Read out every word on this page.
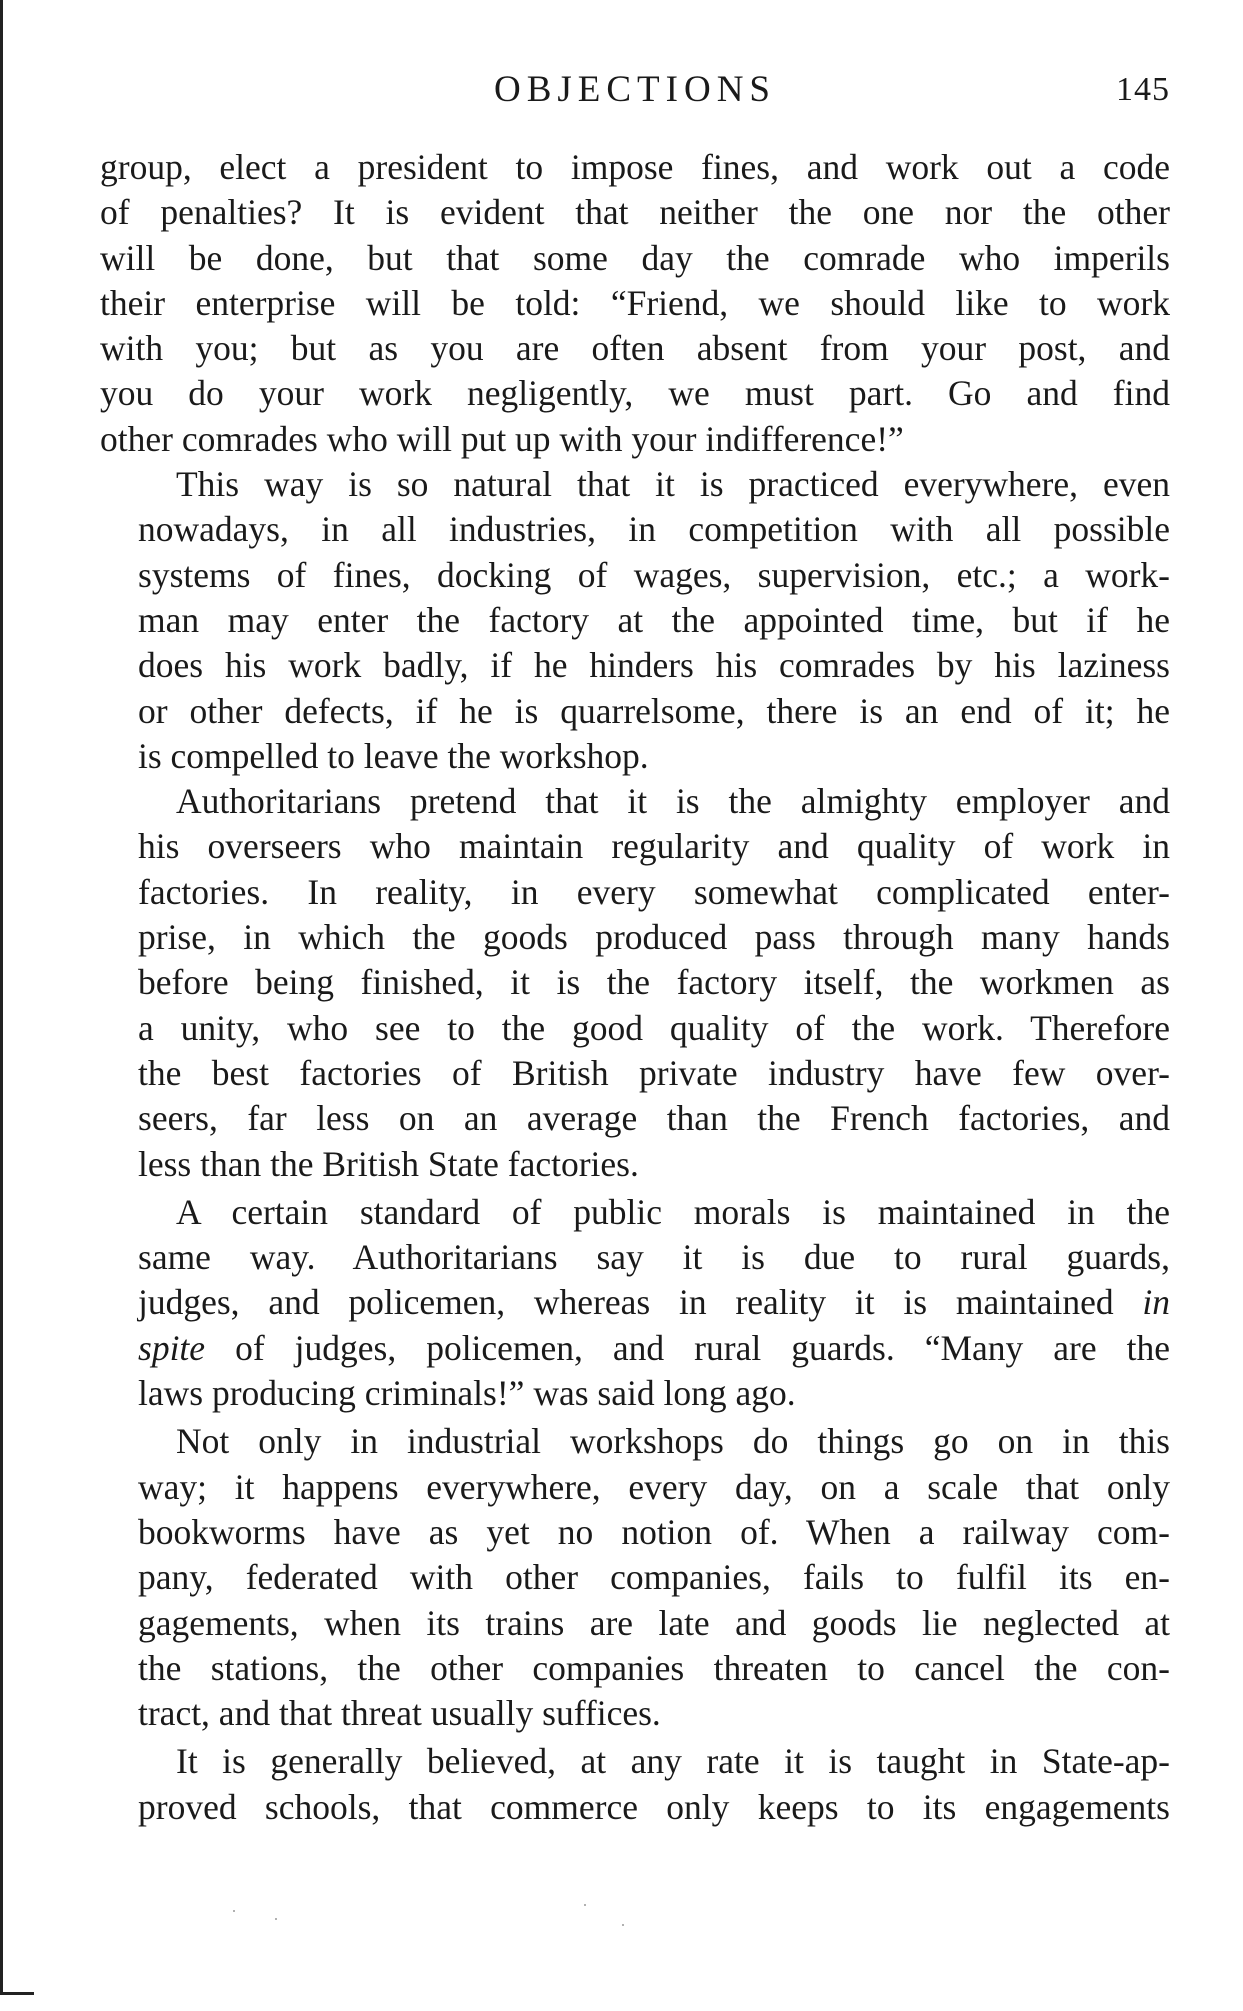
OBJECTIONS	145

group, elect a president to impose fines, and work out a code
of penalties? It is evident that neither the one nor the other
will be done, but that some day the comrade who imperils
their enterprise will be told: “Friend, we should like to work
with you; but as you are often absent from your post, and
you do your work negligently, we must part. Go and find
other comrades who will put up with your indifference!”

This way is so natural that it is practiced everywhere, even
nowadays, in all industries, in competition with all possible
systems of fines, docking of wages, supervision, etc.; a work-
man may enter the factory at the appointed time, but if he
does his work badly, if he hinders his comrades by his laziness
or other defects, if he is quarrelsome, there is an end of it; he
is compelled to leave the workshop.

Authoritarians pretend that it is the almighty employer and
his overseers who maintain regularity and quality of work in
factories. In reality, in every somewhat complicated enter-
prise, in which the goods produced pass through many hands
before being finished, it is the factory itself, the workmen as
a unity, who see to the good quality of the work. Therefore
the best factories of British private industry have few over-
seers, far less on an average than the French factories, and
less than the British State factories.

A certain standard of public morals is maintained in the
same way. Authoritarians say it is due to rural guards,
judges, and policemen, whereas in reality it is maintained in
spite of judges, policemen, and rural guards. “Many are the
laws producing criminals!” was said long ago.

Not only in industrial workshops do things go on in this
way; it happens everywhere, every day, on a scale that only
bookworms have as yet no notion of. When a railway com-
pany, federated with other companies, fails to fulfil its en-
gagements, when its trains are late and goods lie neglected at
the stations, the other companies threaten to cancel the con-
tract, and that threat usually suffices.

It is generally believed, at any rate it is taught in State-ap-
proved schools, that commerce only keeps to its engagements
